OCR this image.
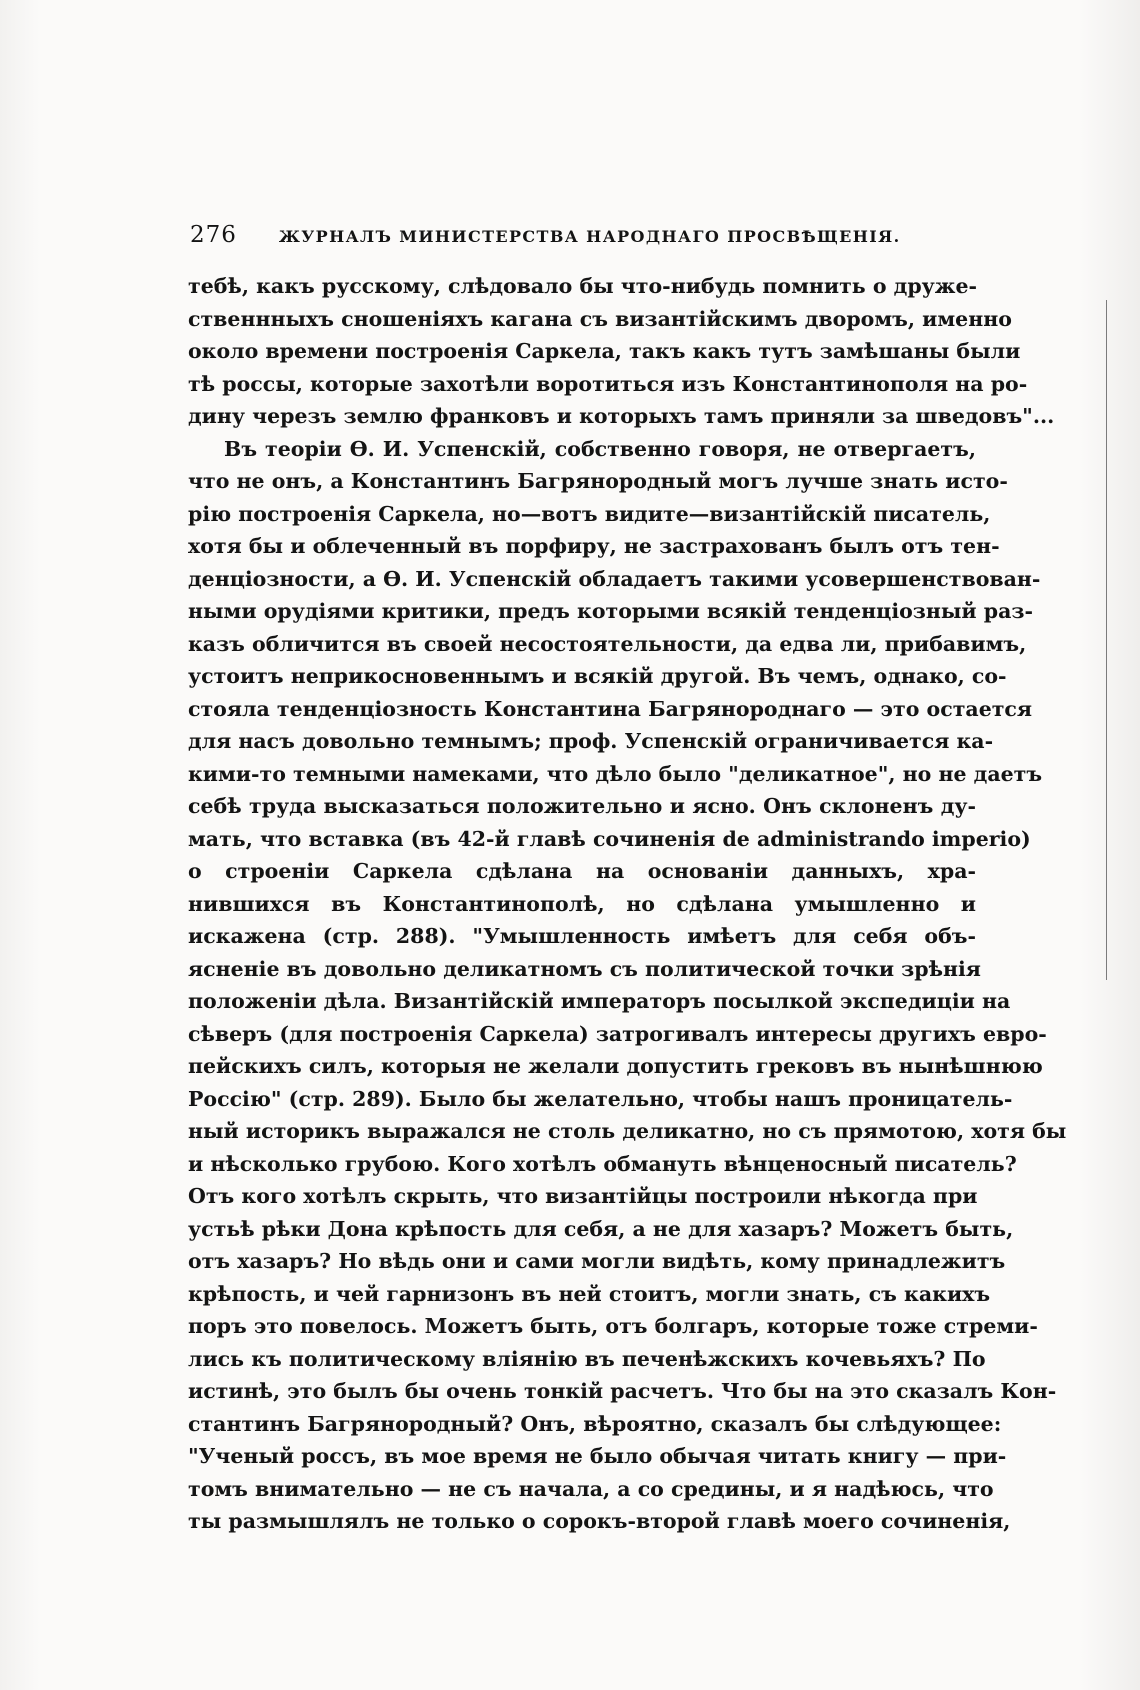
276	ЖУРНАЛЪ МИНИСТЕРСТВА НАРОДНАГО ПРОСВѢЩЕНІЯ.
тебѣ, какъ русскому, слѣдовало бы что-нибудь помнить о друже-
ственнныхъ сношеніяхъ кагана съ византійскимъ дворомъ, именно
около времени построенія Саркела, такъ какъ тутъ замѣшаны были
тѣ россы, которые захотѣли воротиться изъ Константинополя на ро-
дину черезъ землю франковъ и которыхъ тамъ приняли за шведовъ"...
Въ теоріи Ѳ. И. Успенскій, собственно говоря, не отвергаетъ,
что не онъ, а Константинъ Багрянородный могъ лучше знать исто-
рію построенія Саркела, но—вотъ видите—византійскій писатель,
хотя бы и облеченный въ порфиру, не застрахованъ былъ отъ тен-
денціозности, а Ѳ. И. Успенскій обладаетъ такими усовершенствован-
ными орудіями критики, предъ которыми всякій тенденціозный раз-
казъ обличится въ своей несостоятельности, да едва ли, прибавимъ,
устоитъ неприкосновеннымъ и всякій другой. Въ чемъ, однако, со-
стояла тенденціозность Константина Багрянороднаго — это остается
для насъ довольно темнымъ; проф. Успенскій ограничивается ка-
кими-то темными намеками, что дѣло было "деликатное", но не даетъ
себѣ труда высказаться положительно и ясно. Онъ склоненъ ду-
мать, что вставка (въ 42-й главѣ сочиненія de administrando imperio)
о строеніи Саркела сдѣлана на основаніи данныхъ, хра-
нившихся въ Константинополѣ, но сдѣлана умышленно и
искажена (стр. 288). "Умышленность имѣетъ для себя объ-
ясненіе въ довольно деликатномъ съ политической точки зрѣнія
положеніи дѣла. Византійскій императоръ посылкой экспедиціи на
сѣверъ (для построенія Саркела) затрогивалъ интересы другихъ евро-
пейскихъ силъ, которыя не желали допустить грековъ въ нынѣшнюю
Россію" (стр. 289). Было бы желательно, чтобы нашъ проницатель-
ный историкъ выражался не столь деликатно, но съ прямотою, хотя бы
и нѣсколько грубою. Кого хотѣлъ обмануть вѣнценосный писатель?
Отъ кого хотѣлъ скрыть, что византійцы построили нѣкогда при
устьѣ рѣки Дона крѣпость для себя, а не для хазаръ? Можетъ быть,
отъ хазаръ? Но вѣдь они и сами могли видѣть, кому принадлежитъ
крѣпость, и чей гарнизонъ въ ней стоитъ, могли знать, съ какихъ
поръ это повелось. Можетъ быть, отъ болгаръ, которые тоже стреми-
лись къ политическому вліянію въ печенѣжскихъ кочевьяхъ? По
истинѣ, это былъ бы очень тонкій расчетъ. Что бы на это сказалъ Кон-
стантинъ Багрянородный? Онъ, вѣроятно, сказалъ бы слѣдующее:
"Ученый россъ, въ мое время не было обычая читать книгу — при-
томъ внимательно — не съ начала, а со средины, и я надѣюсь, что
ты размышлялъ не только о сорокъ-второй главѣ моего сочиненія,
